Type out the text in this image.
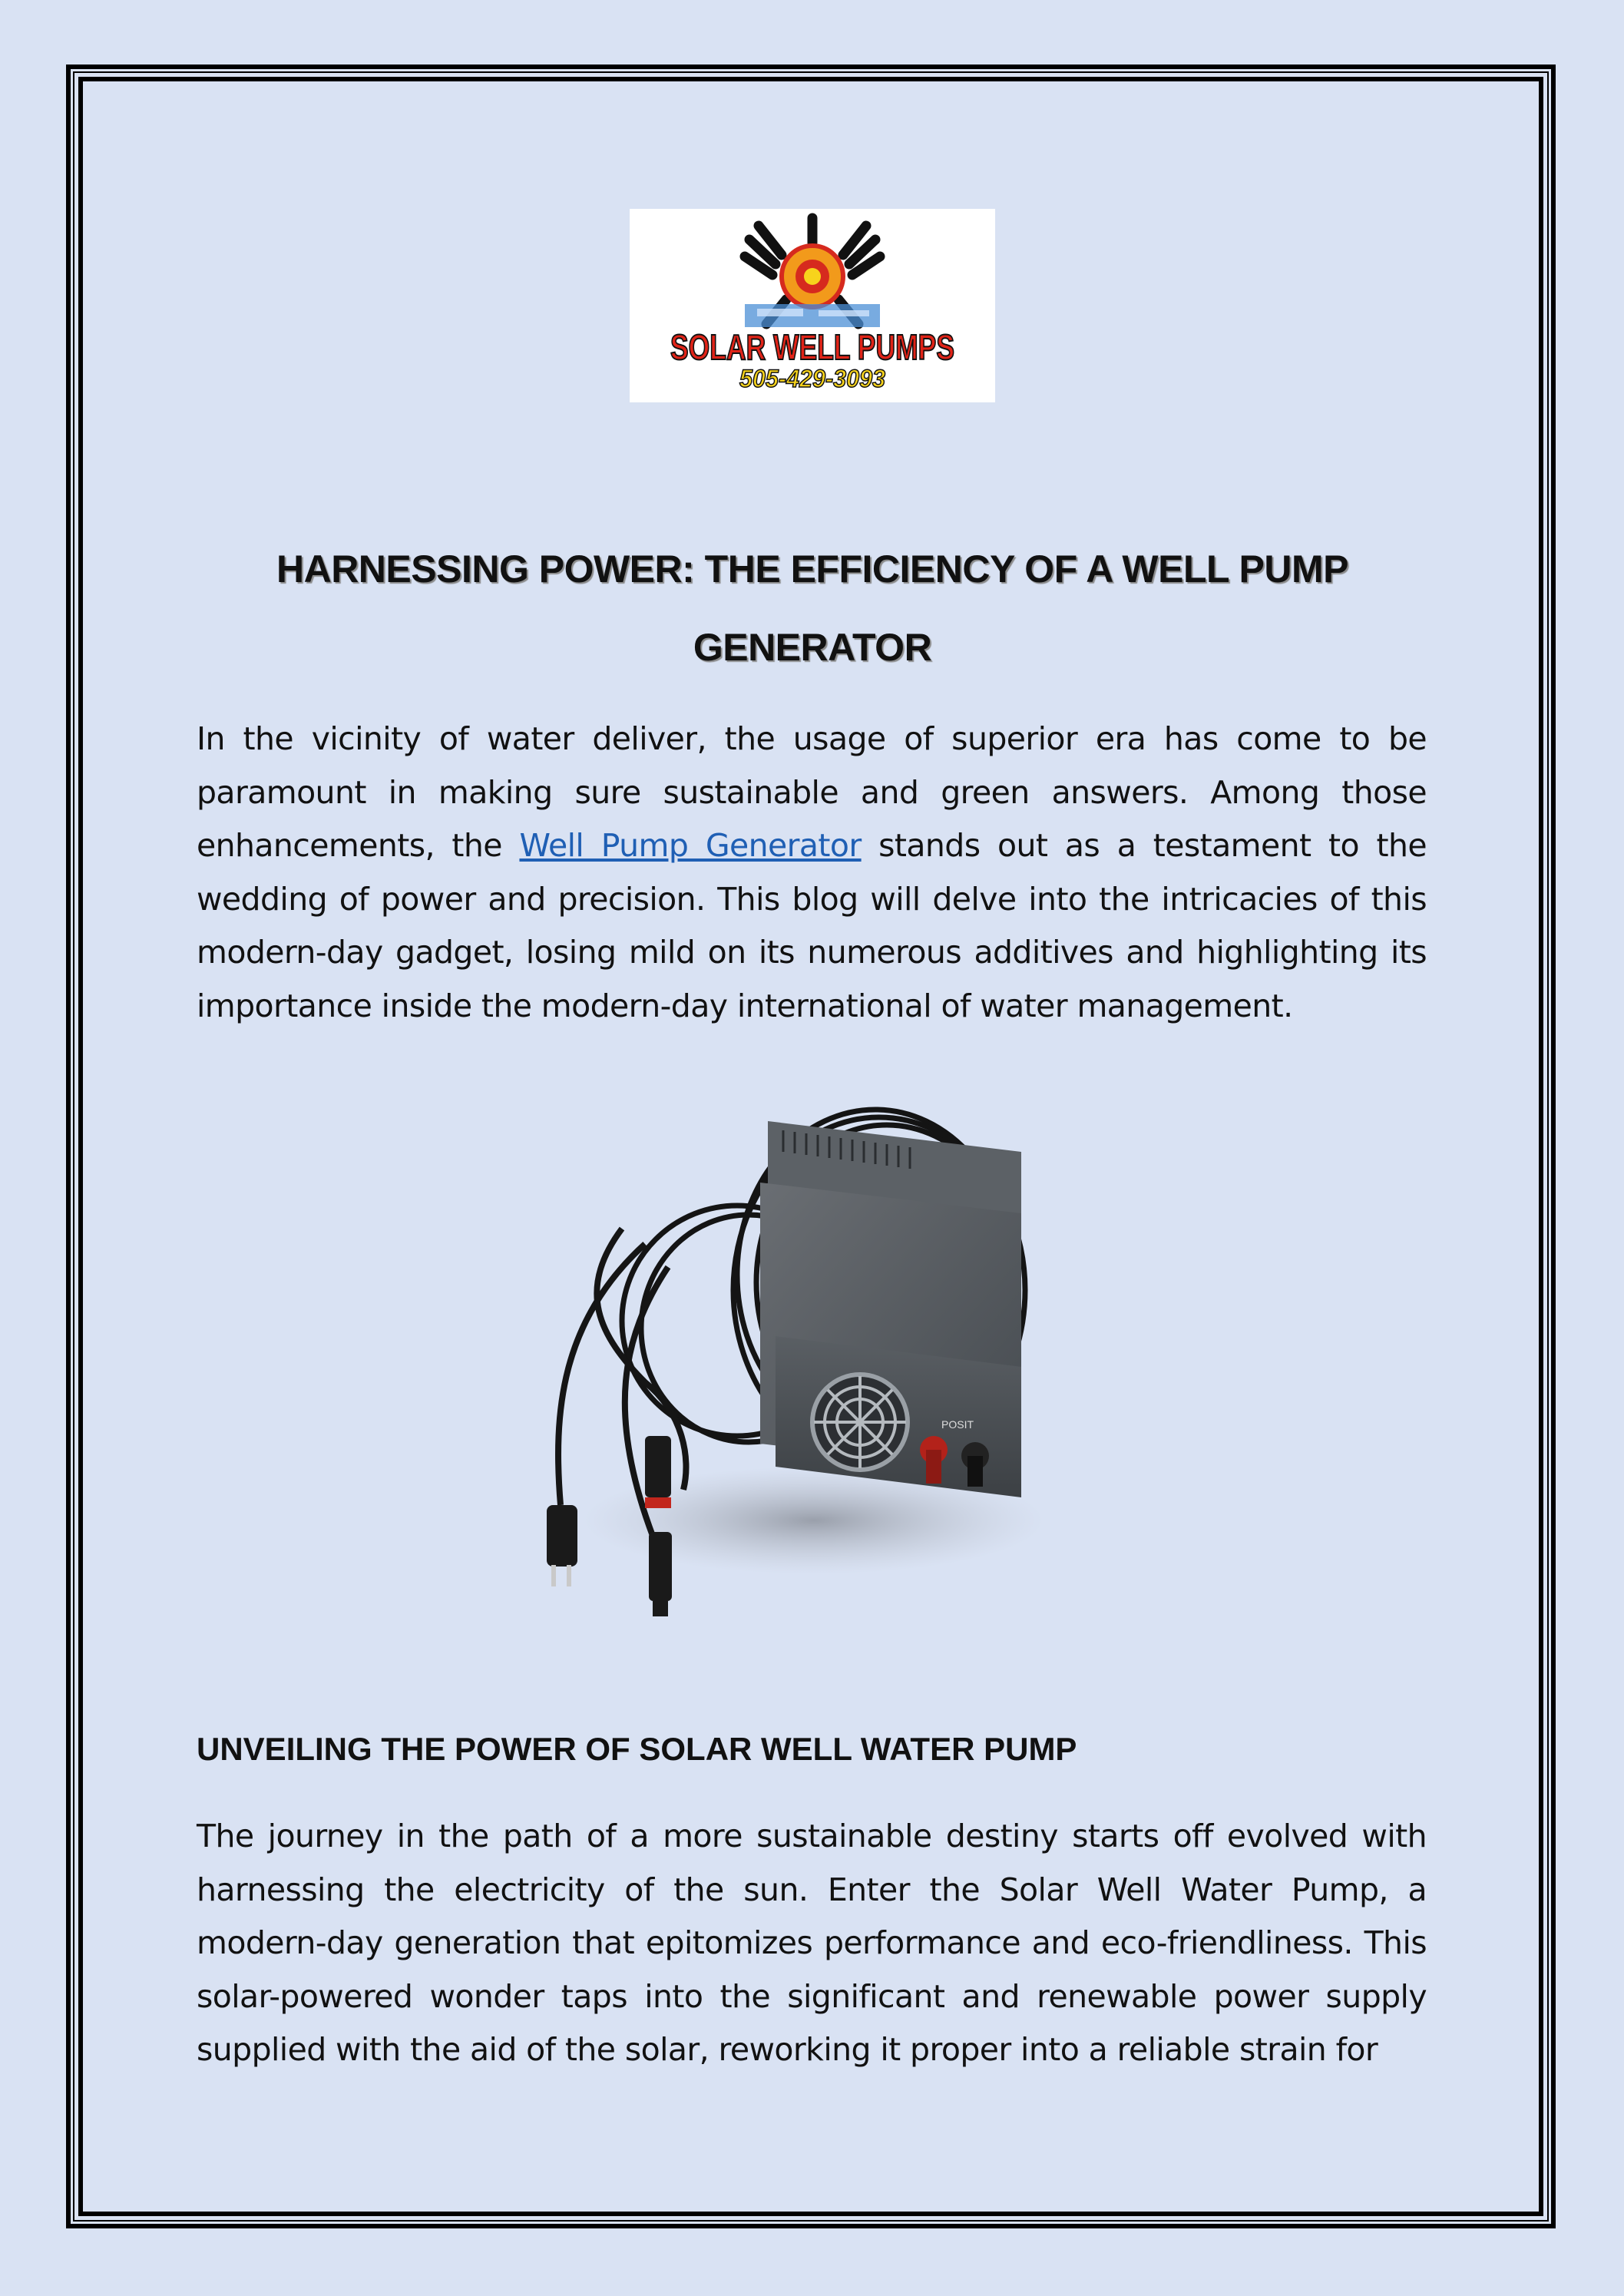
SOLAR WELL PUMPS
505-429-3093
HARNESSING POWER: THE EFFICIENCY OF A WELL PUMP
GENERATOR

In the vicinity of water deliver, the usage of superior era has come to be paramount in making sure sustainable and green answers. Among those enhancements, the Well Pump Generator stands out as a testament to the wedding of power and precision. This blog will delve into the intricacies of this modern-day gadget, losing mild on its numerous additives and highlighting its importance inside the modern-day international of water management.

POSIT
UNVEILING THE POWER OF SOLAR WELL WATER PUMP

The journey in the path of a more sustainable destiny starts off evolved with harnessing the electricity of the sun. Enter the Solar Well Water Pump, a modern-day generation that epitomizes performance and eco-friendliness. This solar-powered wonder taps into the significant and renewable power supply supplied with the aid of the solar, reworking it proper into a reliable strain for
